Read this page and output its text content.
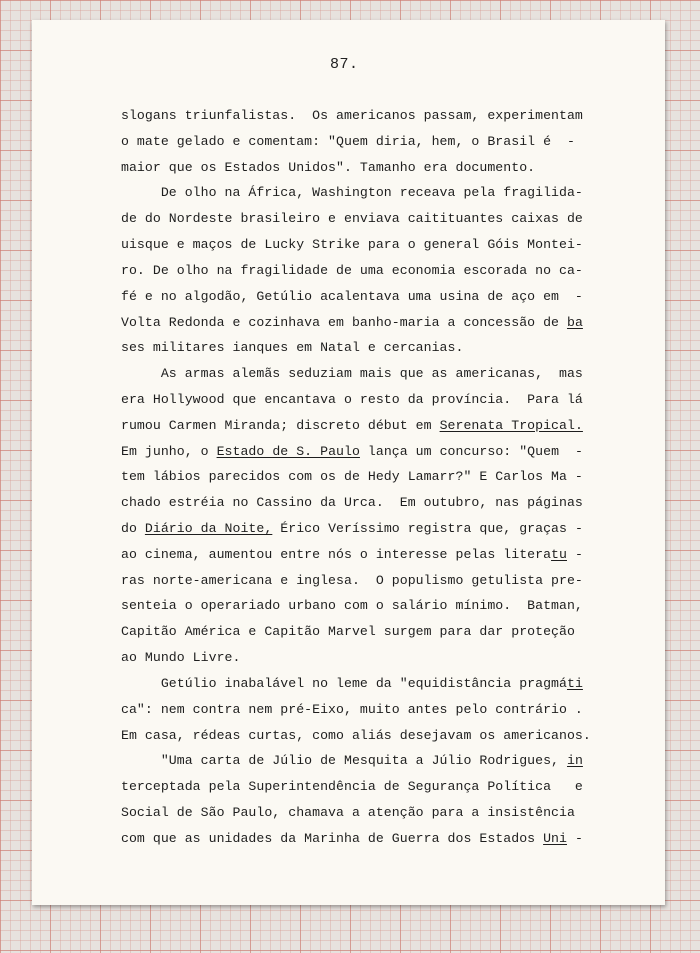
87.
slogans triunfalistas.  Os americanos passam, experimentam
o mate gelado e comentam: "Quem diria, hem, o Brasil é  -
maior que os Estados Unidos". Tamanho era documento.
De olho na África, Washington receava pela fragilida-
de do Nordeste brasileiro e enviava caitituantes caixas de
uisque e maços de Lucky Strike para o general Góis Montei-
ro. De olho na fragilidade de uma economia escorada no ca-
fé e no algodão, Getúlio acalentava uma usina de aço em  -
Volta Redonda e cozinhava em banho-maria a concessão de ba
ses militares ianques em Natal e cercanias.
As armas alemãs seduziam mais que as americanas,  mas
era Hollywood que encantava o resto da província.  Para lá
rumou Carmen Miranda; discreto début em Serenata Tropical.
Em junho, o Estado de S. Paulo lança um concurso: "Quem  -
tem lábios parecidos com os de Hedy Lamarr?" E Carlos Ma -
chado estréia no Cassino da Urca.  Em outubro, nas páginas
do Diário da Noite, Érico Veríssimo registra que, graças -
ao cinema, aumentou entre nós o interesse pelas literatu -
ras norte-americana e inglesa.  O populismo getulista pre-
senteia o operariado urbano com o salário mínimo.  Batman,
Capitão América e Capitão Marvel surgem para dar proteção
ao Mundo Livre.
Getúlio inabalável no leme da "equidistância pragmáti
ca": nem contra nem pré-Eixo, muito antes pelo contrário .
Em casa, rédeas curtas, como aliás desejavam os americanos.
"Uma carta de Júlio de Mesquita a Júlio Rodrigues, in
terceptada pela Superintendência de Segurança Política   e
Social de São Paulo, chamava a atenção para a insistência
com que as unidades da Marinha de Guerra dos Estados Uni -
